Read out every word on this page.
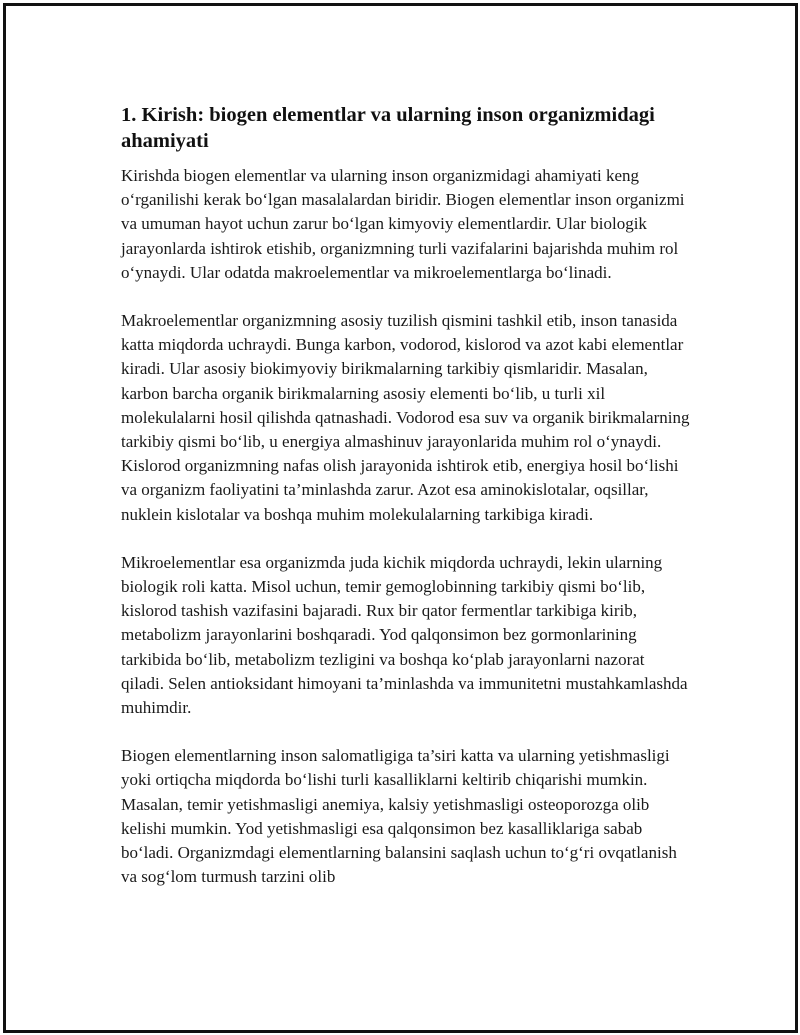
1. Kirish: biogen elementlar va ularning inson organizmidagi ahamiyati

Kirishda biogen elementlar va ularning inson organizmidagi ahamiyati keng o‘rganilishi kerak bo‘lgan masalalardan biridir. Biogen elementlar inson organizmi va umuman hayot uchun zarur bo‘lgan kimyoviy elementlardir. Ular biologik jarayonlarda ishtirok etishib, organizmning turli vazifalarini bajarishda muhim rol o‘ynaydi. Ular odatda makroelementlar va mikroelementlarga bo‘linadi.

Makroelementlar organizmning asosiy tuzilish qismini tashkil etib, inson tanasida katta miqdorda uchraydi. Bunga karbon, vodorod, kislorod va azot kabi elementlar kiradi. Ular asosiy biokimyoviy birikmalarning tarkibiy qismlaridir. Masalan, karbon barcha organik birikmalarning asosiy elementi bo‘lib, u turli xil molekulalarni hosil qilishda qatnashadi. Vodorod esa suv va organik birikmalarning tarkibiy qismi bo‘lib, u energiya almashinuv jarayonlarida muhim rol o‘ynaydi. Kislorod organizmning nafas olish jarayonida ishtirok etib, energiya hosil bo‘lishi va organizm faoliyatini ta’minlashda zarur. Azot esa aminokislotalar, oqsillar, nuklein kislotalar va boshqa muhim molekulalarning tarkibiga kiradi.

Mikroelementlar esa organizmda juda kichik miqdorda uchraydi, lekin ularning biologik roli katta. Misol uchun, temir gemoglobinning tarkibiy qismi bo‘lib, kislorod tashish vazifasini bajaradi. Rux bir qator fermentlar tarkibiga kirib, metabolizm jarayonlarini boshqaradi. Yod qalqonsimon bez gormonlarining tarkibida bo‘lib, metabolizm tezligini va boshqa ko‘plab jarayonlarni nazorat qiladi. Selen antioksidant himoyani ta’minlashda va immunitetni mustahkamlashda muhimdir.

Biogen elementlarning inson salomatligiga ta’siri katta va ularning yetishmasligi yoki ortiqcha miqdorda bo‘lishi turli kasalliklarni keltirib chiqarishi mumkin. Masalan, temir yetishmasligi anemiya, kalsiy yetishmasligi osteoporozga olib kelishi mumkin. Yod yetishmasligi esa qalqonsimon bez kasalliklariga sabab bo‘ladi. Organizmdagi elementlarning balansini saqlash uchun to‘g‘ri ovqatlanish va sog‘lom turmush tarzini olib
